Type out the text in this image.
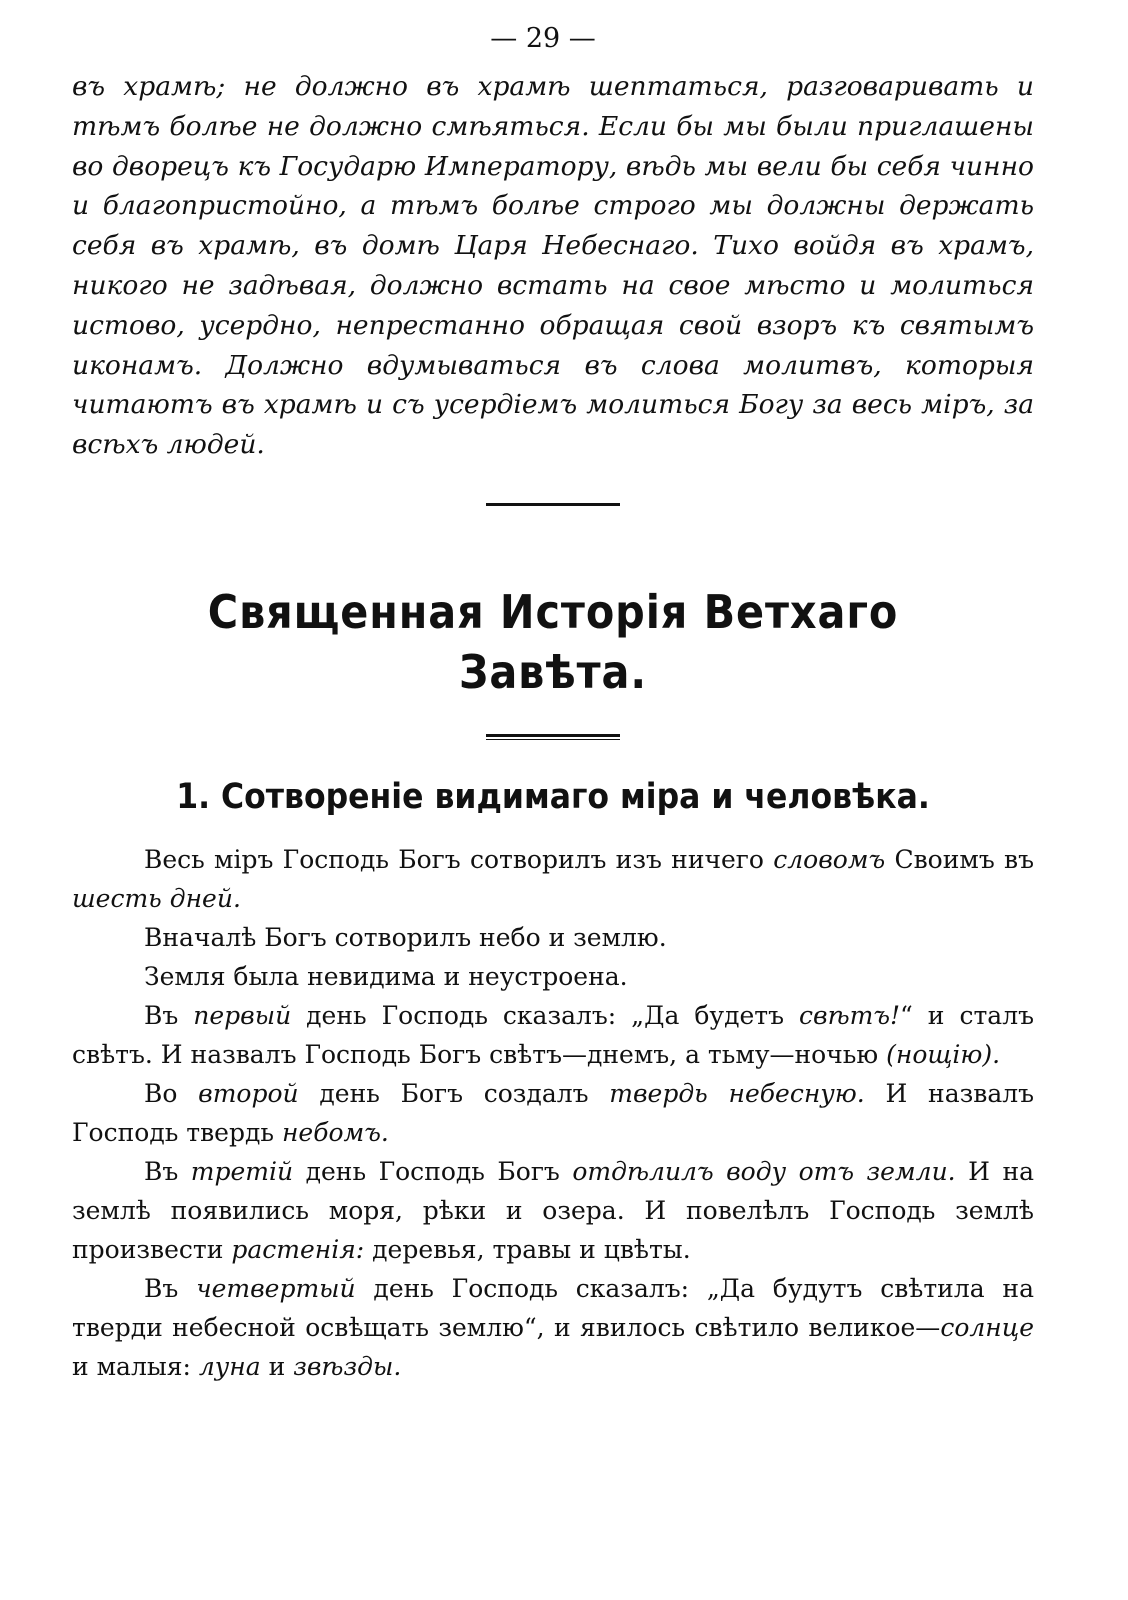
— 29 —

въ храмѣ; не должно въ храмѣ шептаться, разговаривать и тѣмъ болѣе не должно смѣяться. Если бы мы были приглашены во дворецъ къ Государю Императору, вѣдь мы вели бы себя чинно и благопристойно, а тѣмъ болѣе строго мы должны держать себя въ храмѣ, въ домѣ Царя Небеснаго. Тихо войдя въ храмъ, никого не задѣвая, должно встать на свое мѣсто и молиться истово, усердно, непрестанно обращая свой взоръ къ святымъ иконамъ. Должно вдумываться въ слова молитвъ, которыя читаютъ въ храмѣ и съ усердіемъ молиться Богу за весь міръ, за всѣхъ людей.

Священная Исторія Ветхаго Завѣта.
1. Сотвореніе видимаго міра и человѣка.

Весь міръ Господь Богъ сотворилъ изъ ничего словомъ Своимъ въ шесть дней.

Вначалѣ Богъ сотворилъ небо и землю.

Земля была невидима и неустроена.

Въ первый день Господь сказалъ: „Да будетъ свѣтъ!“ и сталъ свѣтъ. И назвалъ Господь Богъ свѣтъ—днемъ, а тьму—ночью (нощію).

Во второй день Богъ создалъ твердь небесную. И назвалъ Господь твердь небомъ.

Въ третій день Господь Богъ отдѣлилъ воду отъ земли. И на землѣ появились моря, рѣки и озера. И повелѣлъ Господь землѣ произвести растенія: деревья, травы и цвѣты.

Въ четвертый день Господь сказалъ: „Да будутъ свѣтила на тверди небесной освѣщать землю“, и явилось свѣтило великое—солнце и малыя: луна и звѣзды.
